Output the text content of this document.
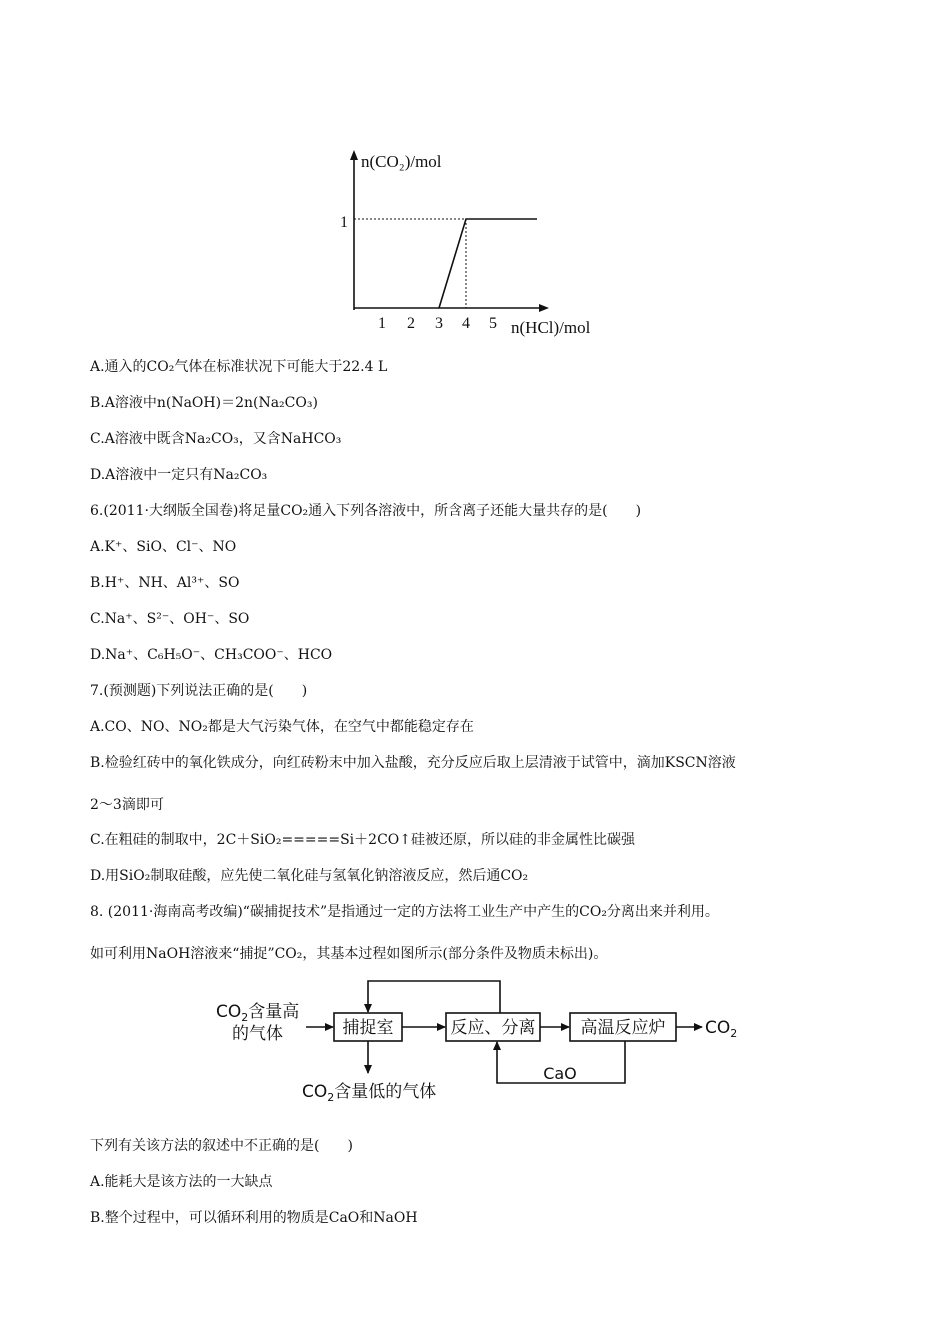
n(CO₂)/mol
n(HCl)/mol
1
1 2 3 4 5
A.通入的CO₂气体在标准状况下可能大于22.4 L
B.A溶液中n(NaOH)＝2n(Na₂CO₃)
C.A溶液中既含Na₂CO₃，又含NaHCO₃
D.A溶液中一定只有Na₂CO₃
6.(2011·大纲版全国卷)将足量CO₂通入下列各溶液中，所含离子还能大量共存的是(　　)
A.K⁺、SiO、Cl⁻、NO
B.H⁺、NH、Al³⁺、SO
C.Na⁺、S²⁻、OH⁻、SO
D.Na⁺、C₆H₅O⁻、CH₃COO⁻、HCO
7.(预测题)下列说法正确的是(　　)
A.CO、NO、NO₂都是大气污染气体，在空气中都能稳定存在
B.检验红砖中的氧化铁成分，向红砖粉末中加入盐酸，充分反应后取上层清液于试管中，滴加KSCN溶液
2～3滴即可
C.在粗硅的制取中，2C＋SiO₂=====Si＋2CO↑硅被还原，所以硅的非金属性比碳强
D.用SiO₂制取硅酸，应先使二氧化硅与氢氧化钠溶液反应，然后通CO₂
8. (2011·海南高考改编)“碳捕捉技术”是指通过一定的方法将工业生产中产生的CO₂分离出来并利用。
如可利用NaOH溶液来“捕捉”CO₂，其基本过程如图所示(部分条件及物质未标出)。
$CO_2$含量高
的气体	捕捉室	反应、分离	高温反应炉 $CO_2$
CaO
$CO_2$含量低的气体
下列有关该方法的叙述中不正确的是(　　)
A.能耗大是该方法的一大缺点
B.整个过程中，可以循环利用的物质是CaO和NaOH
